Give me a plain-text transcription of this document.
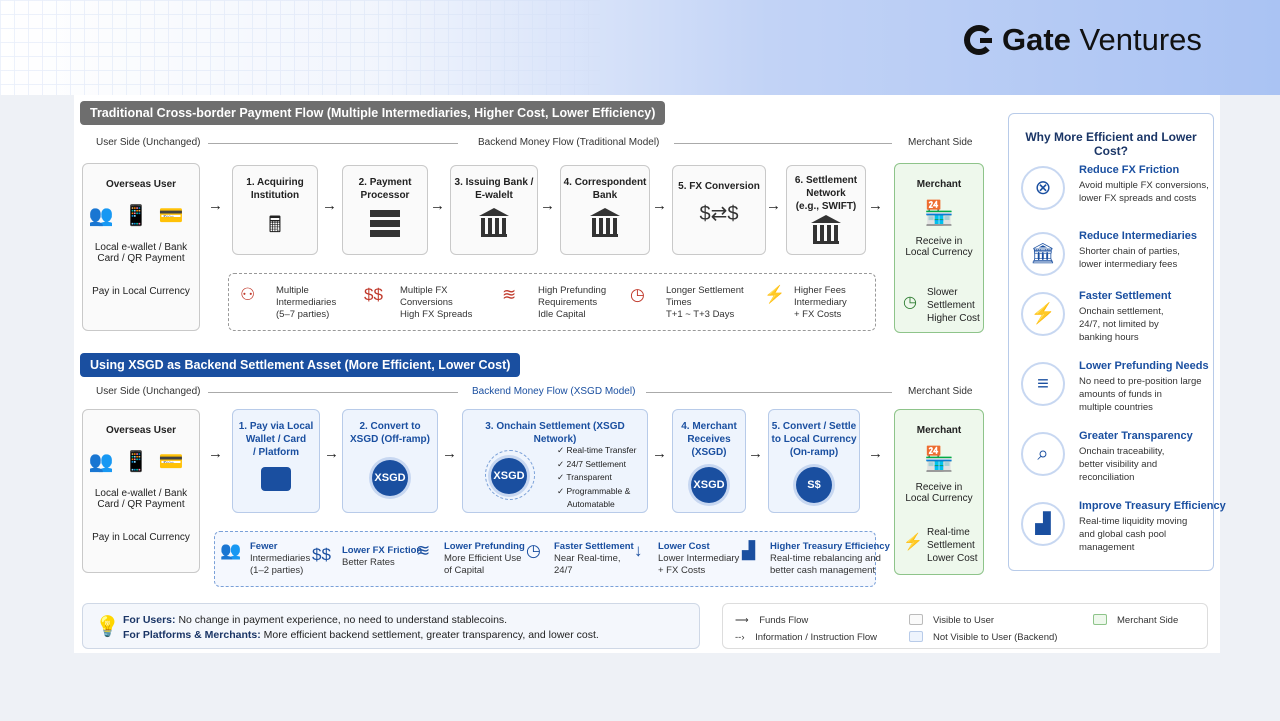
Gate Ventures
Traditional Cross-border Payment Flow (Multiple Intermediaries, Higher Cost, Lower Efficiency)
User Side (Unchanged)	Backend Money Flow (Traditional Model)	Merchant Side
Overseas User
👥📱💳
Local e-wallet / Bank
Card / QR Payment
Pay in Local Currency
→
1. Acquiring
Institution
🖩
→
2. Payment
Processor
→
3. Issuing Bank /
E-walelt
→
4. Correspondent
Bank
→
5. FX Conversion
$⇄$	→
6. Settlement
Network
(e.g., SWIFT) →
Merchant
🏪
Receive in
Local Currency
◷
Slower
Settlement
Higher Cost
⚇ Multiple
Intermediaries
(5–7 parties)
$$ Multiple FX
Conversions
High FX Spreads
≋ High Prefunding
Requirements
Idle Capital
◷ Longer Settlement
Times
T+1 ~ T+3 Days
⚡ Higher Fees
Intermediary
+ FX Costs
Using XSGD as Backend Settlement Asset (More Efficient, Lower Cost)
User Side (Unchanged)	Backend Money Flow (XSGD Model)	Merchant Side
Overseas User
👥📱💳
Local e-wallet / Bank
Card / QR Payment
Pay in Local Currency
→
1. Pay via Local
Wallet / Card
/ Platform	→
2. Convert to
XSGD (Off-ramp)
XSGD
→
3. Onchain Settlement (XSGD Network)
XSGD
✓ Real-time Transfer
✓ 24/7 Settlement
✓ Transparent
✓ Programmable &
Automatable
→
4. Merchant
Receives
(XSGD)
XSGD
→
5. Convert / Settle
to Local Currency
(On-ramp)
S$
→
Merchant
🏪
Receive in
Local Currency
⚡
Real-time
Settlement
Lower Cost
👥 Fewer
Intermediaries
(1–2 parties)
$$ Lower FX Friction
Better Rates
≋ Lower Prefunding
More Efficient Use
of Capital
◷ Faster Settlement
Near Real-time,
24/7
↓ Lower Cost
Lower Intermediary
+ FX Costs
▟ Higher Treasury Efficiency
Real-time rebalancing and
better cash management
Why More Efficient and Lower Cost?
⊗
Reduce FX Friction
Avoid multiple FX conversions,
lower FX spreads and costs
🏛
Reduce Intermediaries
Shorter chain of parties,
lower intermediary fees
⚡
Faster Settlement
Onchain settlement,
24/7, not limited by
banking hours
≡
Lower Prefunding Needs
No need to pre-position large
amounts of funds in
multiple countries
⌕
Greater Transparency
Onchain traceability,
better visibility and
reconciliation
▟
Improve Treasury Efficiency
Real-time liquidity moving
and global cash pool
management
💡 For Users: No change in payment experience, no need to understand stablecoins.
For Platforms & Merchants: More efficient backend settlement, greater transparency, and lower cost.
⟶    Funds Flow
‑‑›    Information / Instruction Flow
Visible to User
Not Visible to User (Backend)
Merchant Side
